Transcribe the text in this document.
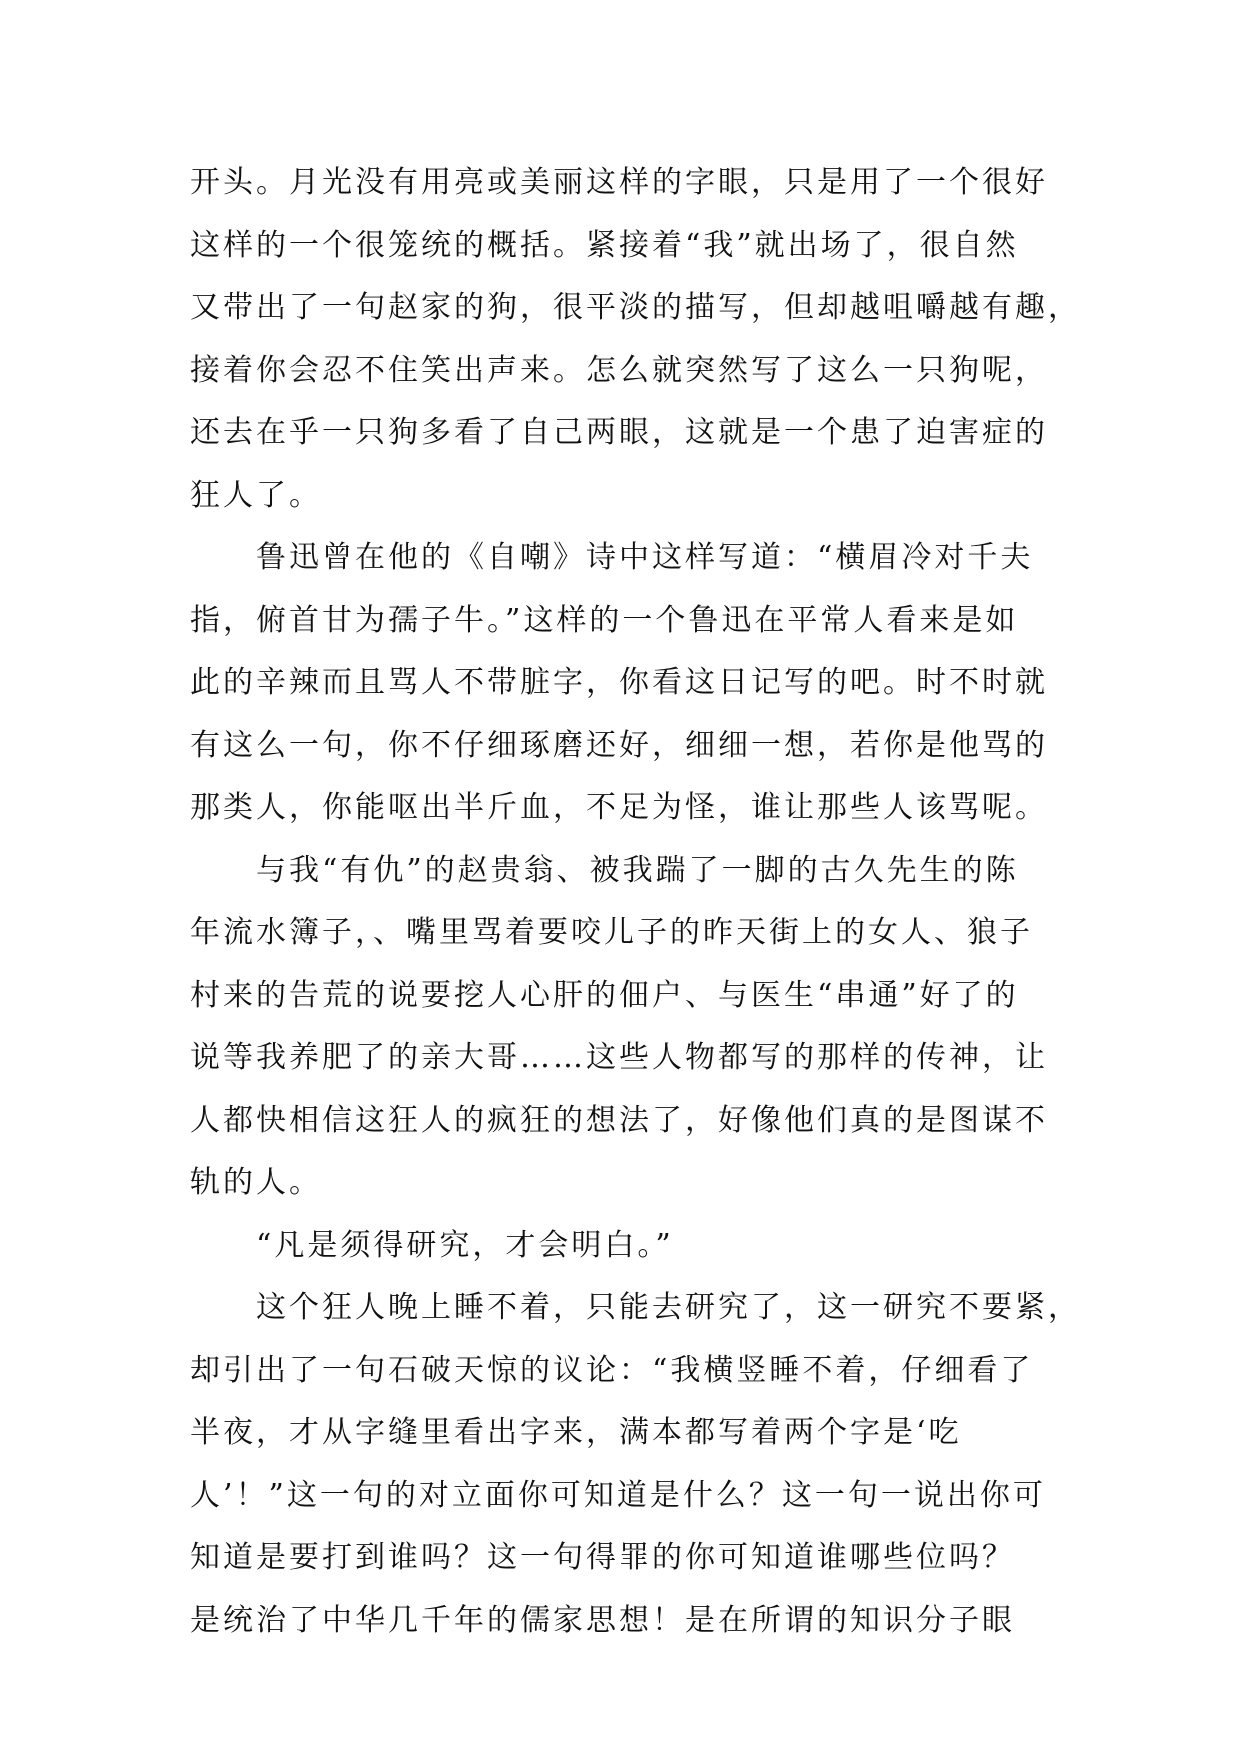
开头。月光没有用亮或美丽这样的字眼，只是用了一个很好
这样的一个很笼统的概括。紧接着“我”就出场了，很自然
又带出了一句赵家的狗，很平淡的描写，但却越咀嚼越有趣，
接着你会忍不住笑出声来。怎么就突然写了这么一只狗呢，
还去在乎一只狗多看了自己两眼，这就是一个患了迫害症的
狂人了。
　　鲁迅曾在他的《自嘲》诗中这样写道：“横眉冷对千夫
指，俯首甘为孺子牛。”这样的一个鲁迅在平常人看来是如
此的辛辣而且骂人不带脏字，你看这日记写的吧。时不时就
有这么一句，你不仔细琢磨还好，细细一想，若你是他骂的
那类人，你能呕出半斤血，不足为怪，谁让那些人该骂呢。
　　与我“有仇”的赵贵翁、被我踹了一脚的古久先生的陈
年流水簿子，、嘴里骂着要咬儿子的昨天街上的女人、狼子
村来的告荒的说要挖人心肝的佃户、与医生“串通”好了的
说等我养肥了的亲大哥……这些人物都写的那样的传神，让
人都快相信这狂人的疯狂的想法了，好像他们真的是图谋不
轨的人。
　　“凡是须得研究，才会明白。”
　　这个狂人晚上睡不着，只能去研究了，这一研究不要紧，
却引出了一句石破天惊的议论：“我横竖睡不着，仔细看了
半夜，才从字缝里看出字来，满本都写着两个字是‘吃
人’！”这一句的对立面你可知道是什么？这一句一说出你可
知道是要打到谁吗？这一句得罪的你可知道谁哪些位吗？
是统治了中华几千年的儒家思想！是在所谓的知识分子眼
